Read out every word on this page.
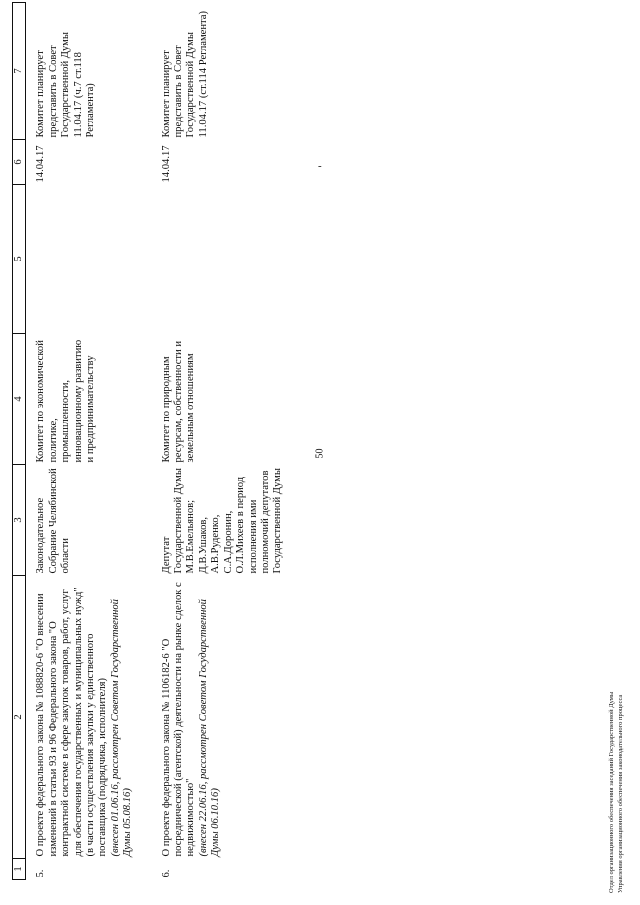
-
50
1	2	3	4	5	6	7

5.	О проекте федерального закона № 1088820-6 "О внесении изменений в статьи 93 и 96 Федерального закона "О контрактной системе в сфере закупок товаров, работ, услуг для обеспечения государственных и муниципальных нужд" (в части осуществления закупки у единственного поставщика (подрядчика, исполнителя) (внесен 01.06.16, рассмотрен Советом Государственной Думы 05.08.16)	Законодательное Собрание Челябинской области	Комитет по экономической политике, промышленности, инновационному развитию и предпринимательству		14.04.17	Комитет планирует представить в Совет Государственной Думы 11.04.17 (ч.7 ст.118 Регламента)

6.	О проекте федерального закона № 1106182-6 "О посреднической (агентской) деятельности на рынке сделок с недвижимостью" (внесен 22.06.16, рассмотрен Советом Государственной Думы 06.10.16)	Депутат Государственной Думы М.В.Емельянов; Д.В.Ушаков, А.В.Руденко, С.А.Доронин, О.Л.Михеев в период исполнения ими полномочий депутатов Государственной Думы	Комитет по природным ресурсам, собственности и земельным отношениям		14.04.17	Комитет планирует представить в Совет Государственной Думы 11.04.17 (ст.114 Регламента)
Отдел организационного обеспечения заседаний Государственной Думы Управления организационного обеспечения законодательного процесса
